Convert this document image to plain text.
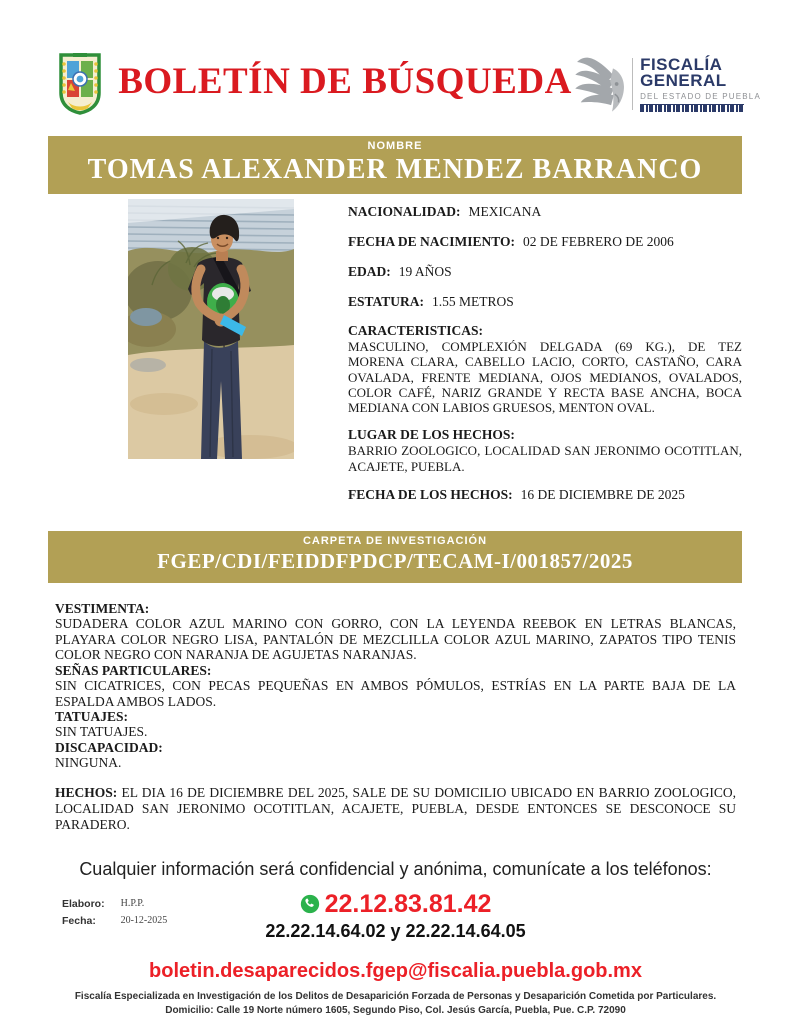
BOLETÍN DE BÚSQUEDA	FISCALÍA
GENERAL
DEL ESTADO DE PUEBLA
NOMBRE
TOMAS ALEXANDER MENDEZ BARRANCO

NACIONALIDAD: MEXICANA

FECHA DE NACIMIENTO: 02 DE FEBRERO DE 2006

EDAD: 19 AÑOS

ESTATURA: 1.55 METROS

CARACTERISTICAS:
MASCULINO, COMPLEXIÓN DELGADA (69 KG.), DE TEZ MORENA CLARA, CABELLO LACIO, CORTO, CASTAÑO, CARA OVALADA, FRENTE MEDIANA, OJOS MEDIANOS, OVALADOS, COLOR CAFÉ, NARIZ GRANDE Y RECTA BASE ANCHA, BOCA MEDIANA CON LABIOS GRUESOS, MENTON OVAL.
LUGAR DE LOS HECHOS:
BARRIO ZOOLOGICO, LOCALIDAD SAN JERONIMO OCOTITLAN, ACAJETE, PUEBLA.

FECHA DE LOS HECHOS: 16 DE DICIEMBRE DE 2025

CARPETA DE INVESTIGACIÓN
FGEP/CDI/FEIDDFPDCP/TECAM-I/001857/2025
VESTIMENTA:
SUDADERA COLOR AZUL MARINO CON GORRO, CON LA LEYENDA REEBOK EN LETRAS BLANCAS, PLAYARA COLOR NEGRO LISA, PANTALÓN DE MEZCLILLA COLOR AZUL MARINO, ZAPATOS TIPO TENIS COLOR NEGRO CON NARANJA DE AGUJETAS NARANJAS.
SEÑAS PARTICULARES:
SIN CICATRICES, CON PECAS PEQUEÑAS EN AMBOS PÓMULOS, ESTRÍAS EN LA PARTE BAJA DE LA ESPALDA AMBOS LADOS.
TATUAJES:
SIN TATUAJES.
DISCAPACIDAD:
NINGUNA.

HECHOS: EL DIA 16 DE DICIEMBRE DEL 2025, SALE DE SU DOMICILIO UBICADO EN BARRIO ZOOLOGICO, LOCALIDAD SAN JERONIMO OCOTITLAN, ACAJETE, PUEBLA, DESDE ENTONCES SE DESCONOCE SU PARADERO.

Cualquier información será confidencial y anónima, comunícate a los teléfonos:

Elaboro: H.P.P.
Fecha:	20-12-2025
22.12.83.81.42
22.22.14.64.02 y 22.22.14.64.05
boletin.desaparecidos.fgep@fiscalia.puebla.gob.mx
Fiscalía Especializada en Investigación de los Delitos de Desaparición Forzada de Personas y Desaparición Cometida por Particulares.
Domicilio: Calle 19 Norte número 1605, Segundo Piso, Col. Jesús García, Puebla, Pue. C.P. 72090
